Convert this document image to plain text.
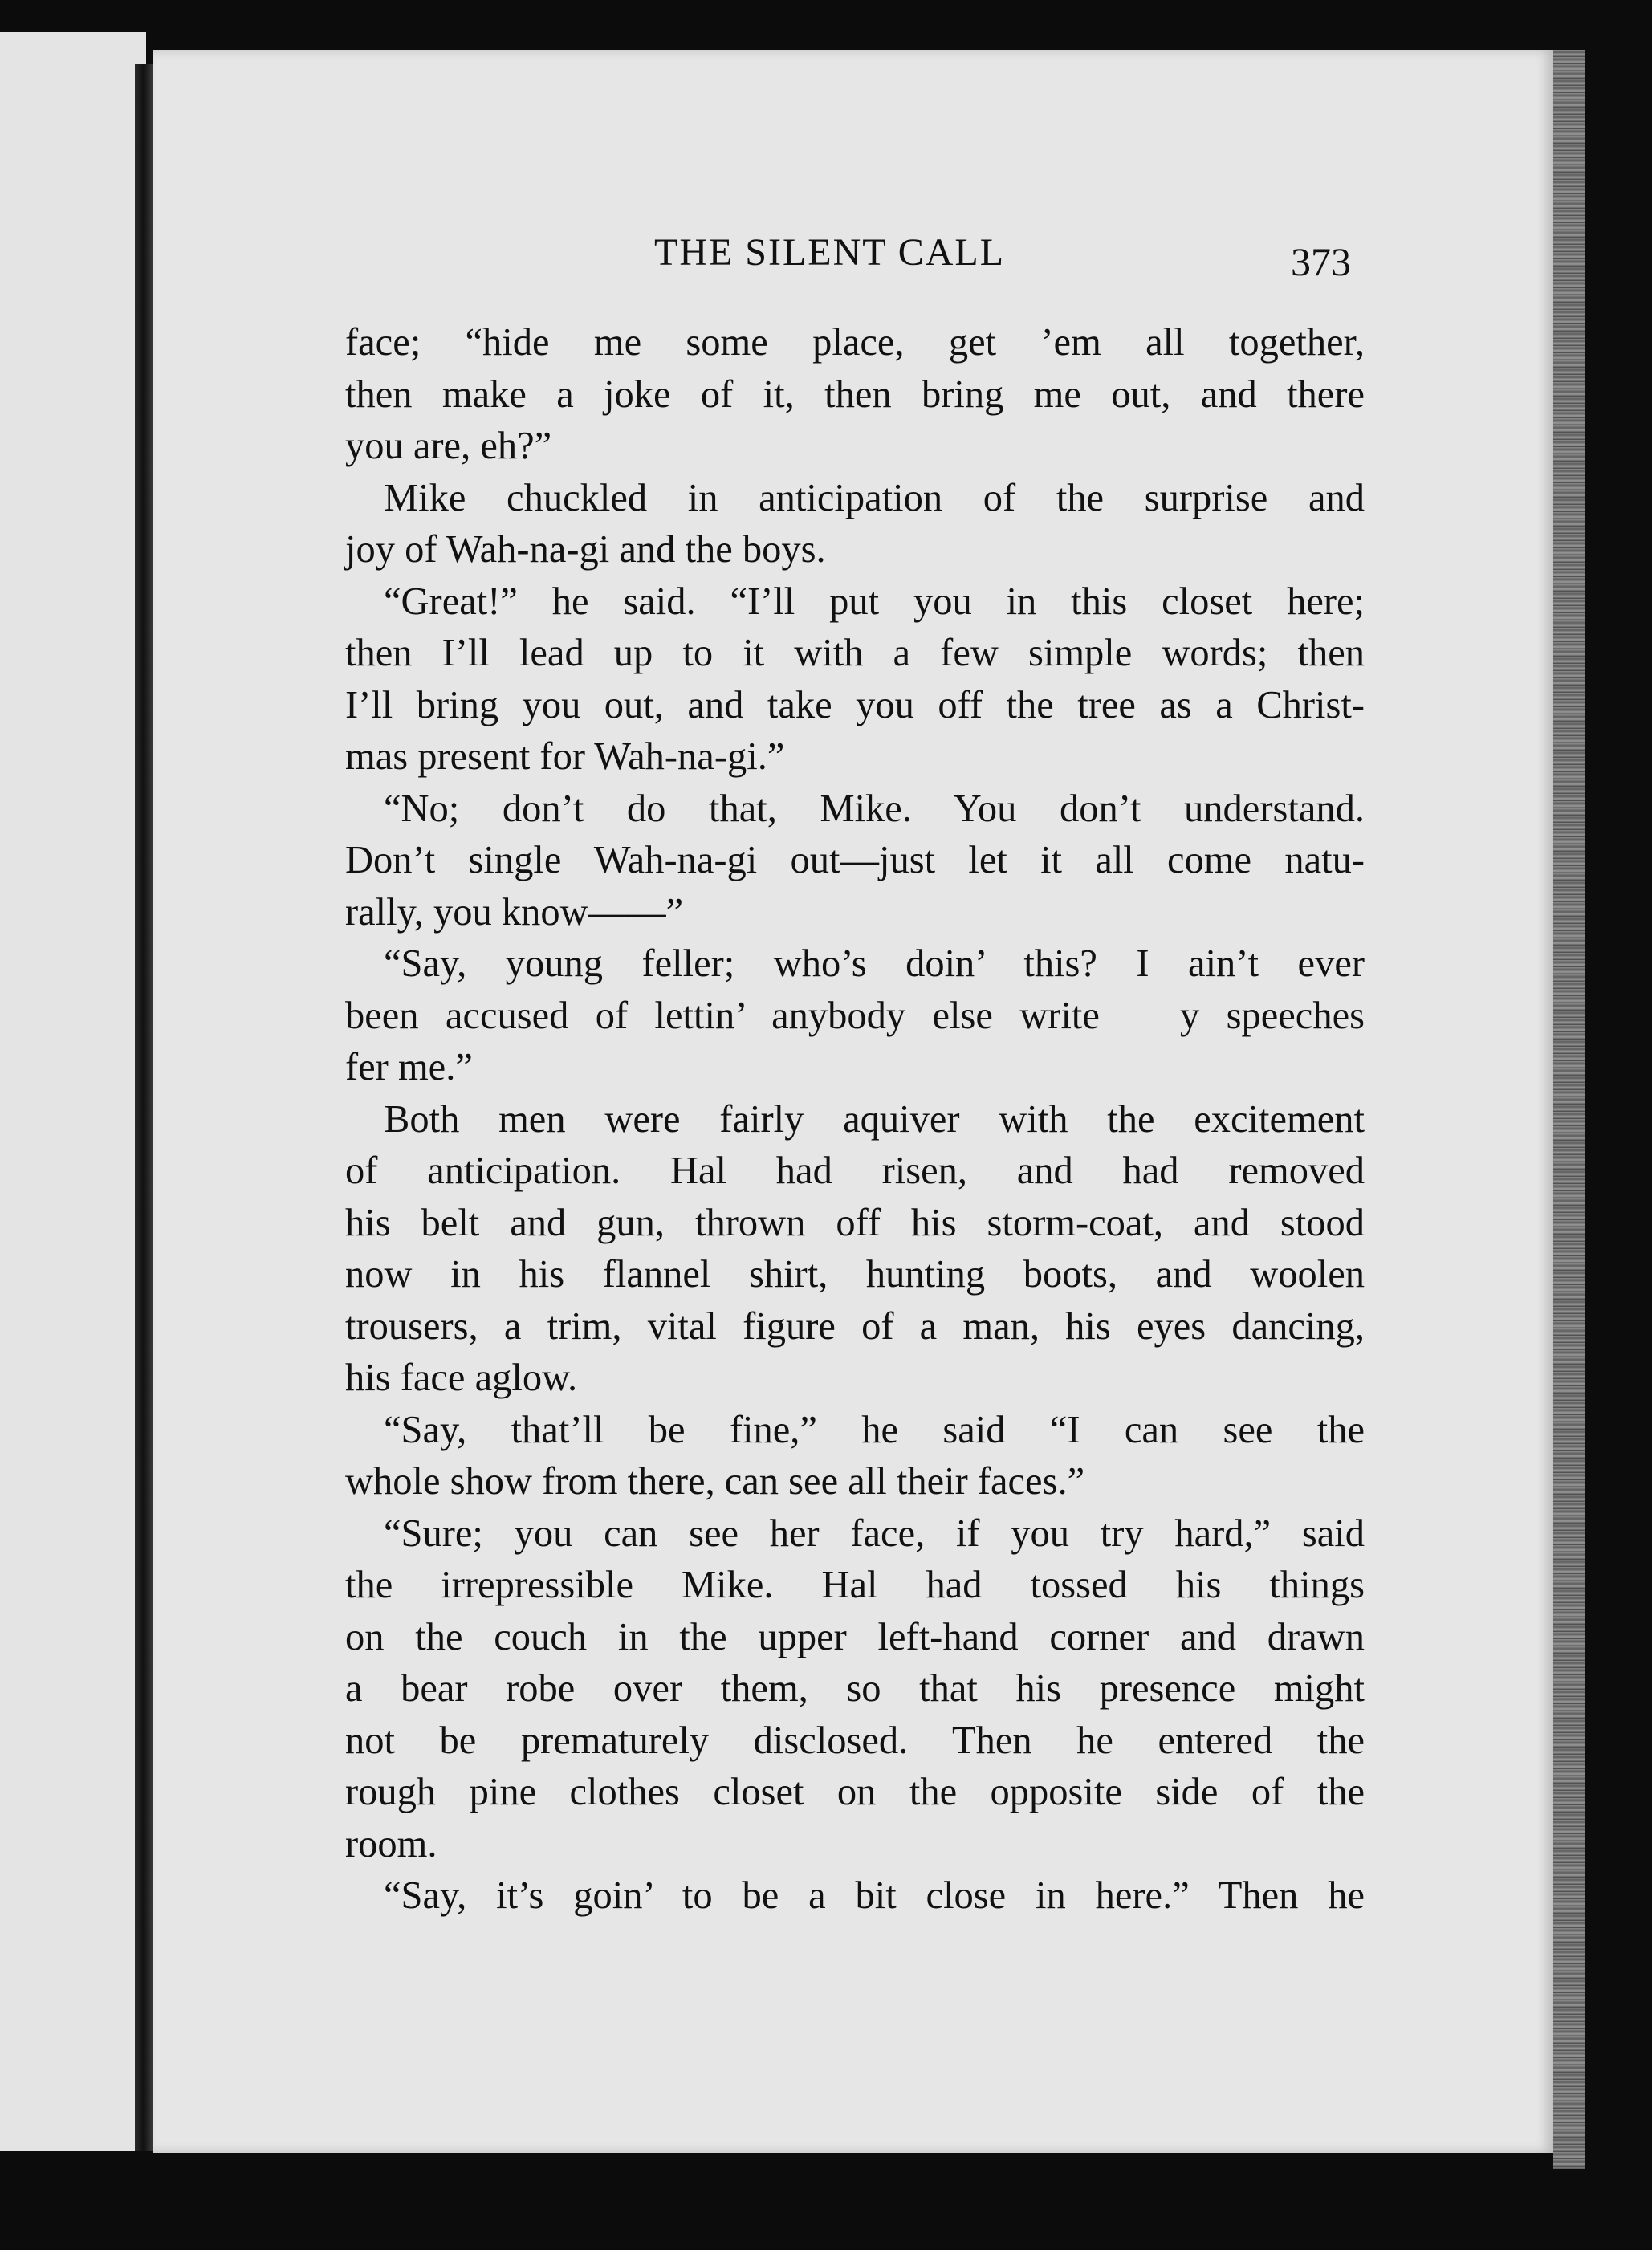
THE SILENT CALL	373
face; “hide me some place, get ’em all together,
then make a joke of it, then bring me out, and there
you are, eh?”
Mike chuckled in anticipation of the surprise and
joy of Wah-na-gi and the boys.
“Great!” he said. “I’ll put you in this closet here;
then I’ll lead up to it with a few simple words; then
I’ll bring you out, and take you off the tree as a Christ-
mas present for Wah-na-gi.”
“No; don’t do that, Mike. You don’t understand.
Don’t single Wah-na-gi out—just let it all come natu-
rally, you know——”
“Say, young feller; who’s doin’ this? I ain’t ever
been accused of lettin’ anybody else write   y speeches
fer me.”
Both men were fairly aquiver with the excitement
of anticipation. Hal had risen, and had removed
his belt and gun, thrown off his storm-coat, and stood
now in his flannel shirt, hunting boots, and woolen
trousers, a trim, vital figure of a man, his eyes dancing,
his face aglow.
“Say, that’ll be fine,” he said “I can see the
whole show from there, can see all their faces.”
“Sure; you can see her face, if you try hard,” said
the irrepressible Mike. Hal had tossed his things
on the couch in the upper left-hand corner and drawn
a bear robe over them, so that his presence might
not be prematurely disclosed. Then he entered the
rough pine clothes closet on the opposite side of the
room.
“Say, it’s goin’ to be a bit close in here.” Then he
